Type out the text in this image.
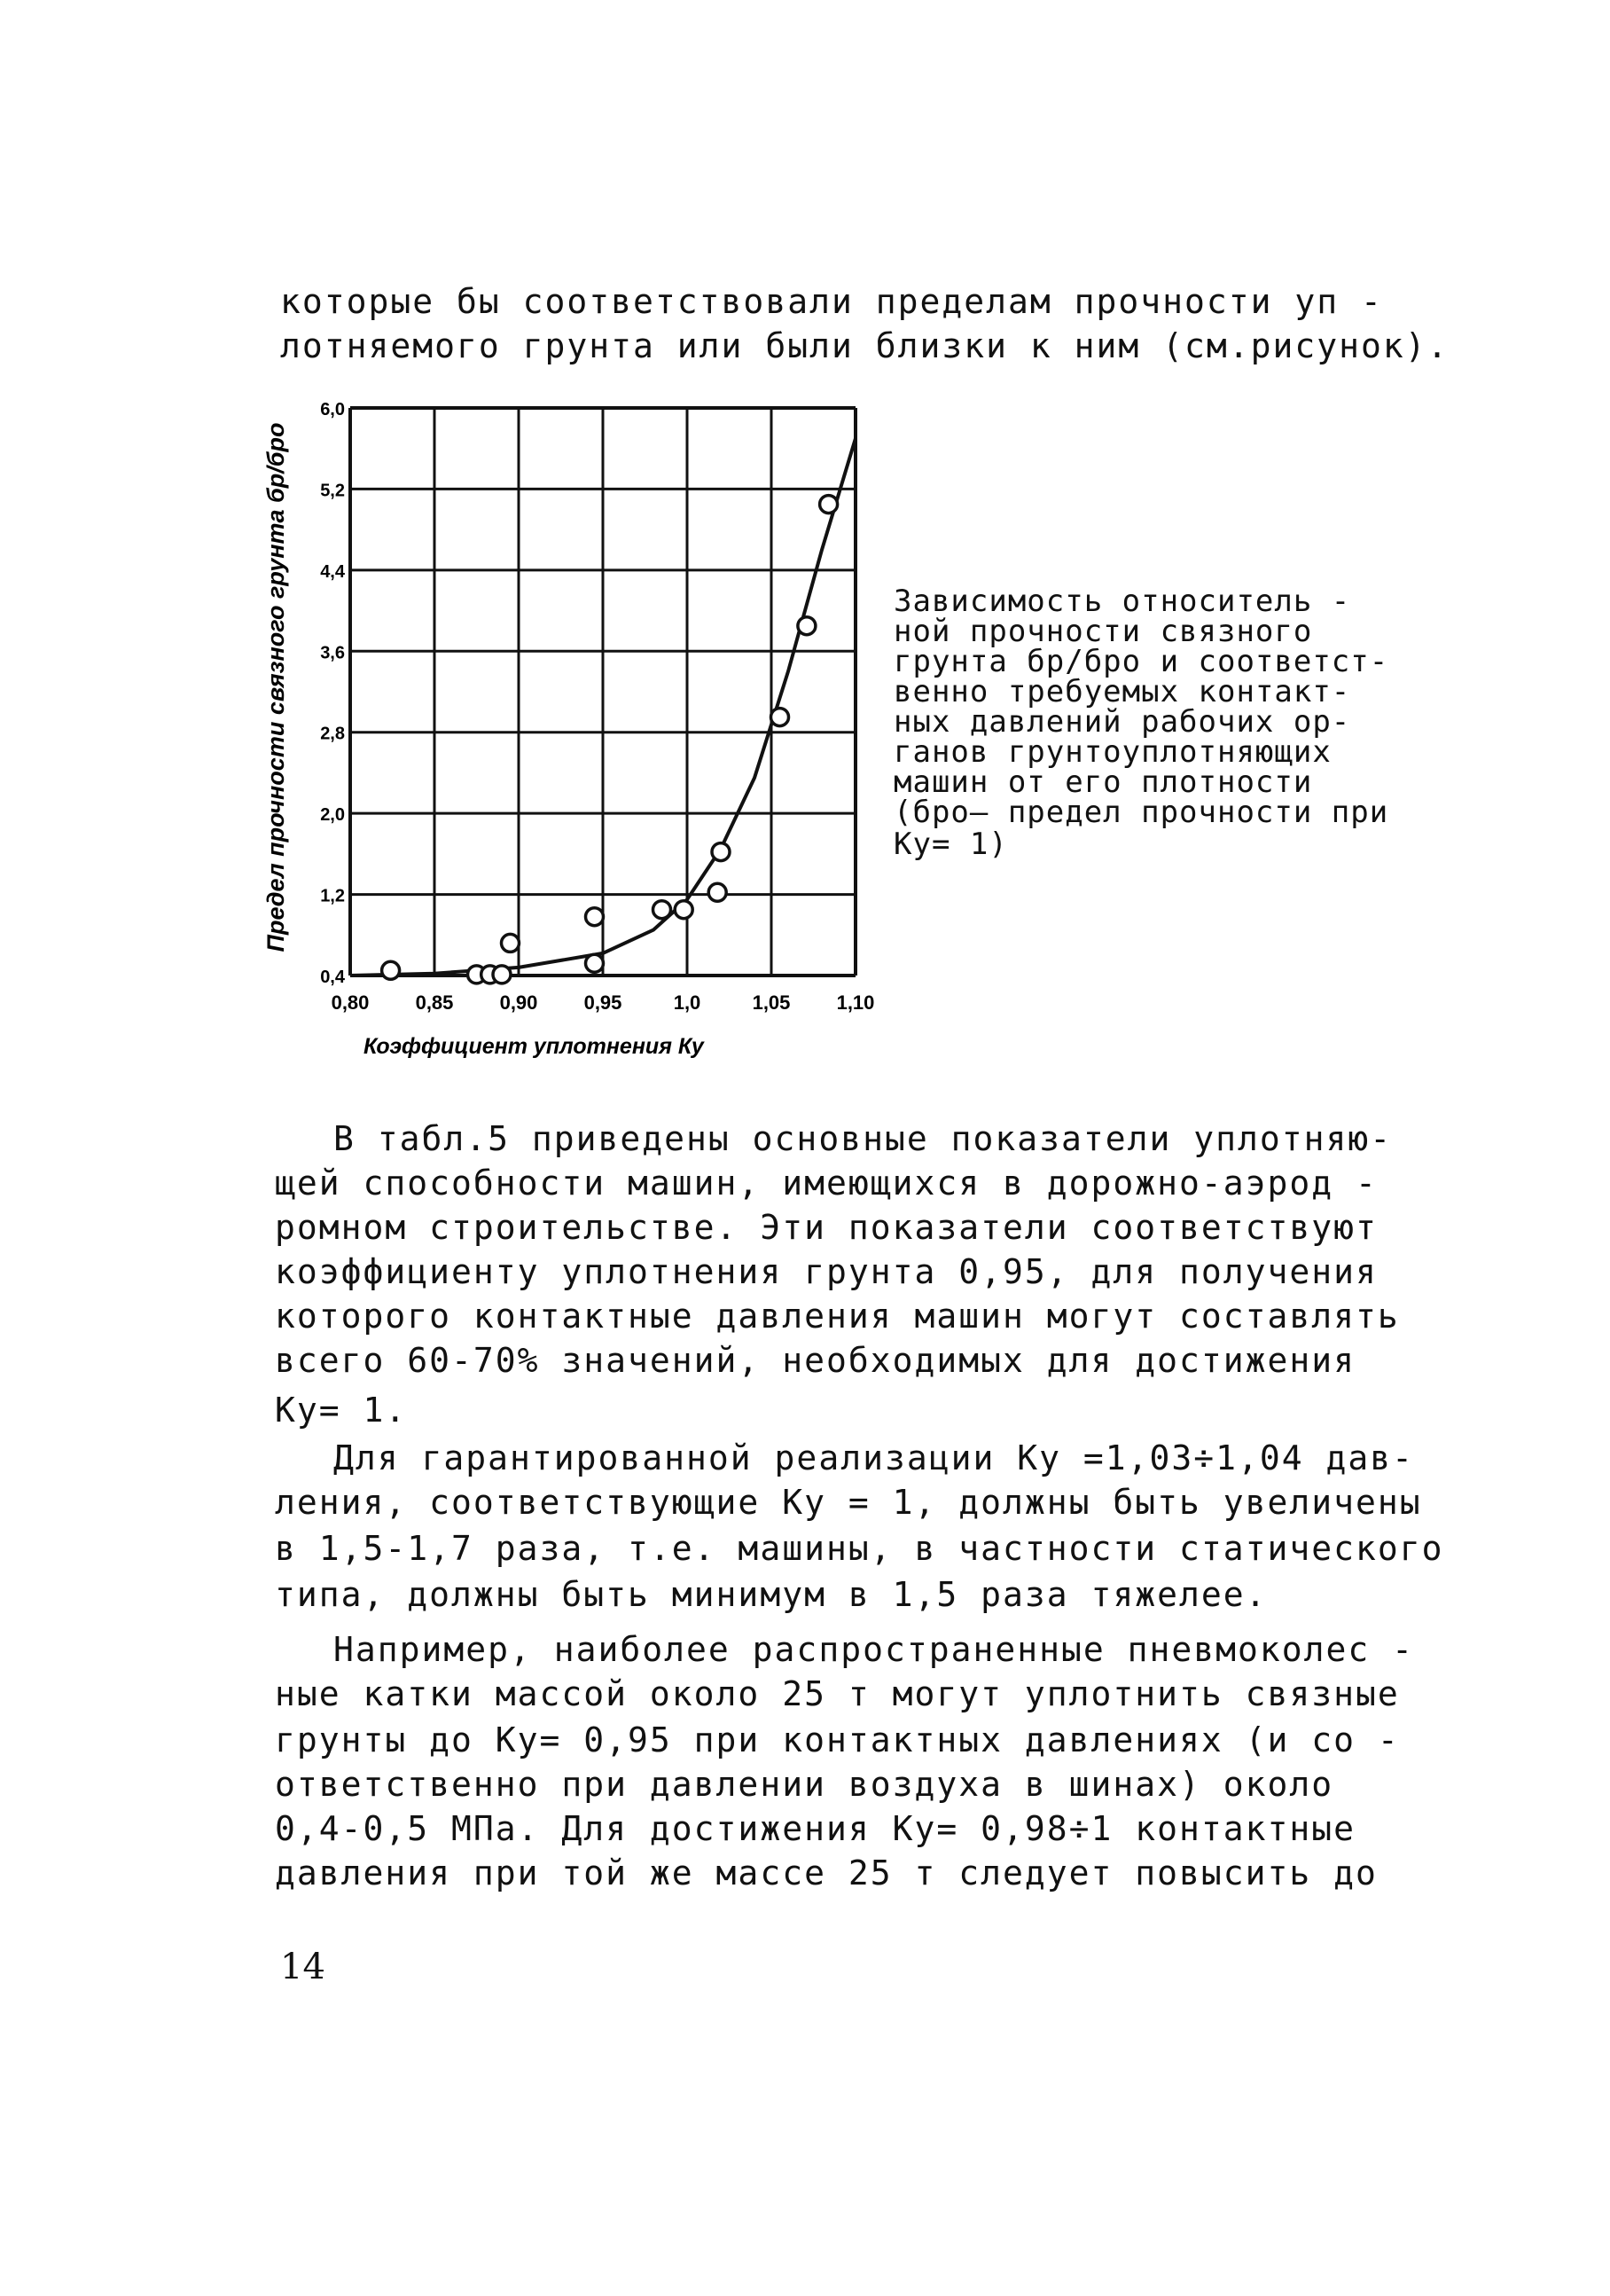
которые бы соответствовали пределам прочности уп -
лотняемого грунта или были близки к ним (см.рисунок).
0,4
1,2
2,0
2,8
3,6
4,4
5,2
6,0
0,80 0,85 0,90 0,95	1,0	1,05 1,10
Предел прочности связного грунта бр/бро
Коэффициент уплотнения Ку
Зависимость относитель -
ной прочности связного
грунта бр/бро и соответст-
венно требуемых контакт-
ных давлений рабочих ор-
ганов грунтоуплотняющих
машин от его плотности
(бро– предел прочности при
Ку= 1)
В табл.5 приведены основные показатели уплотняю-
щей способности машин, имеющихся в дорожно-аэрод -
ромном строительстве. Эти показатели соответствуют
коэффициенту уплотнения грунта 0,95, для получения
которого контактные давления машин могут составлять
всего 60-70% значений, необходимых для достижения
Ку= 1.
Для гарантированной реализации Ку =1,03÷1,04 дав-
ления, соответствующие Ку = 1, должны быть увеличены
в 1,5-1,7 раза, т.е. машины, в частности статического
типа, должны быть минимум в 1,5 раза тяжелее.
Например, наиболее распространенные пневмоколес -
ные катки массой около 25 т могут уплотнить связные
грунты до Ку= 0,95 при контактных давлениях (и со -
ответственно при давлении воздуха в шинах) около
0,4-0,5 МПа. Для достижения Ку= 0,98÷1 контактные
давления при той же массе 25 т следует повысить до
14
